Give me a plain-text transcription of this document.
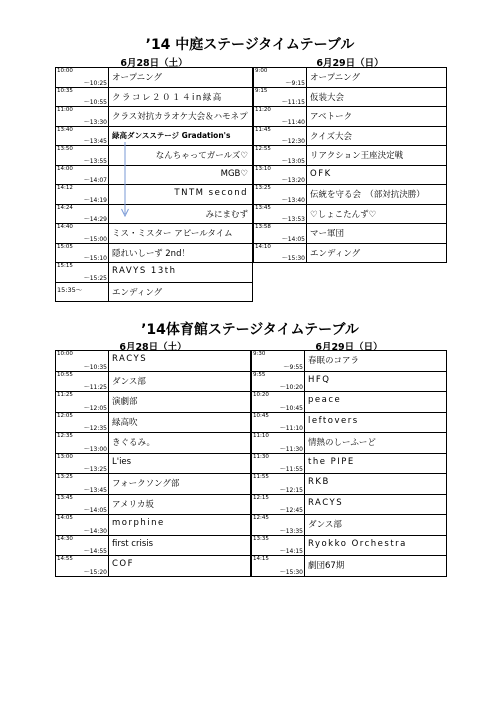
’14 中庭ステージタイムテーブル
6月28日（土）	6月29日（日）
10:00
～10:25	オープニング

10:35
～10:55	クラコレ２０１４in緑高

11:00
～13:30	クラス対抗カラオケ大会＆ハモネプ

13:40
～13:45	緑高ダンスステージ Gradation's

13:50
～13:55	なんちゃってガールズ♡

14:00
～14:07	MGB♡

14:12
～14:19	TNTM second

14:24
～14:29	みにまむず

14:40
～15:00	ミス・ミスター アピールタイム

15:05
～15:10	隠れいしーず 2nd！

15:15
～15:25	RAVYS 13th

15:35～	エンディング
9:00
～9:15	オープニング

9:15
～11:15	仮装大会

11:20
～11:40	アベトーク

11:45
～12:30	クイズ大会

12:55
～13:05	リアクション王座決定戦

13:10
～13:20	OFK

13:25
～13:40	伝統を守る会　（部対抗決勝）

13:45
～13:53	♡しょこたんず♡

13:58
～14:05	マー軍団

14:10
～15:30	エンディング
’14体育館ステージタイムテーブル
6月28日（土）	6月29日（日）
10:00
～10:35	RACYS

10:55
～11:25	ダンス部

11:25
～12:05	演劇部

12:05
～12:35	緑高吹

12:35
～13:00	きぐるみ。

13:00
～13:25	L'ies

13:25
～13:45	フォークソング部

13:45
～14:05	アメリカ坂

14:05
～14:30	morphine

14:30
～14:55	first crisis

14:55
～15:20	COF
9:30
～9:55	春眠のコアラ

9:55
～10:20	HFQ

10:20
～10:45	peace

10:45
～11:10	leftovers

11:10
～11:30	情熱のしーふーど

11:30
～11:55	the PIPE

11:55
～12:15	RKB

12:15
～12:45	RACYS

12:45
～13:35	ダンス部

13:35
～14:15	Ryokko Orchestra

14:15
～15:30	劇団67期
